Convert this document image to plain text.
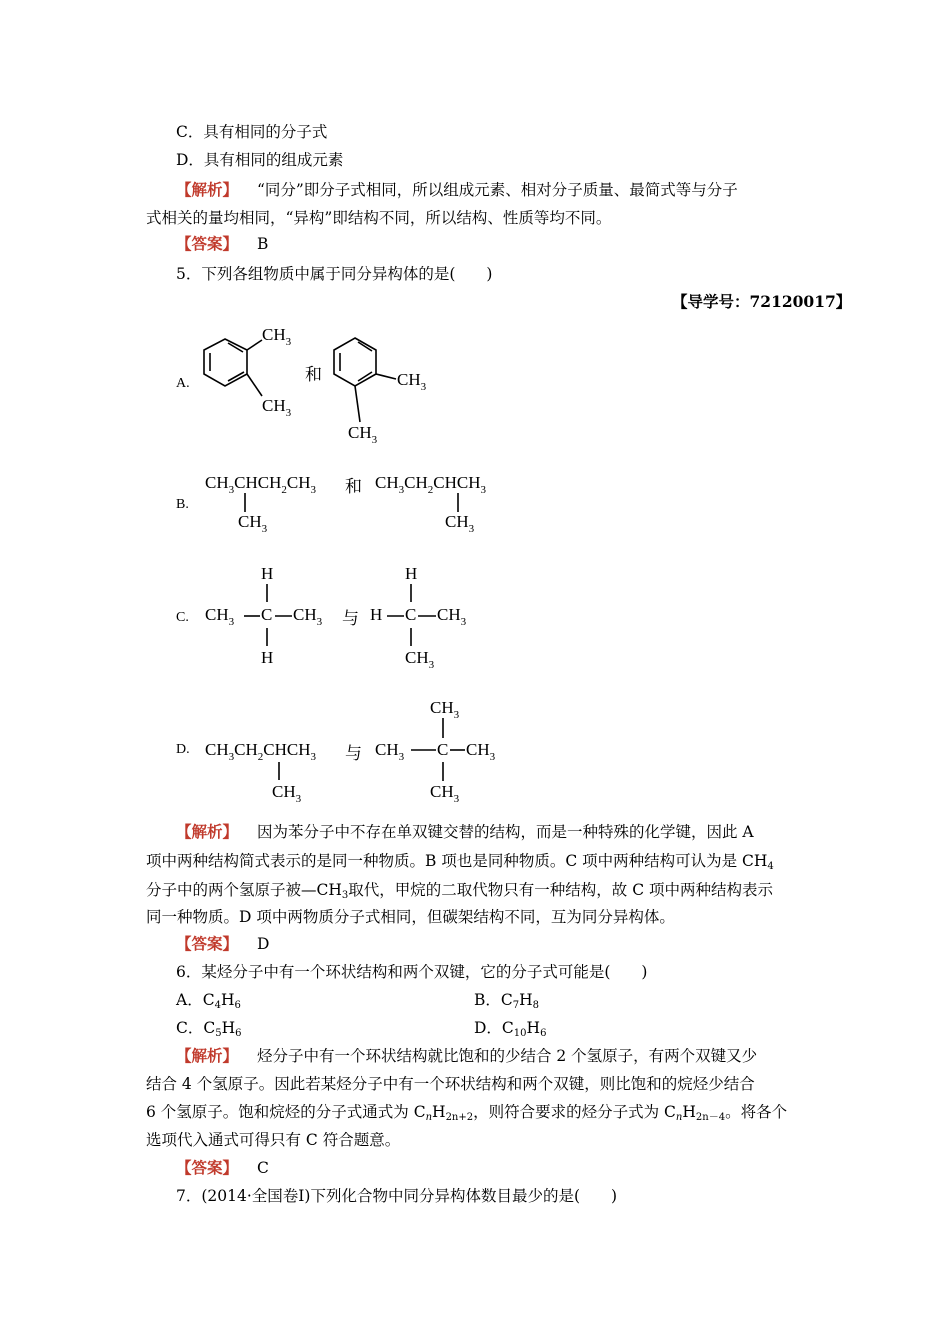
C．具有相同的分子式
D．具有相同的组成元素
【解析】 “同分”即分子式相同，所以组成元素、相对分子质量、最简式等与分子
式相关的量均相同，“异构”即结构不同，所以结构、性质等均不同。
【答案】 B
5．下列各组物质中属于同分异构体的是(　　)
【导学号：72120017】
A.
$CH_3$
$CH_3$
和	$CH_3$
$CH_3$
B.
$CH_3CHCH_2CH_3$
$CH_3$
和 $CH_3CH_2CHCH_3$
$CH_3$
C.
H
$CH_3$ C $CH_3$
H
与
H
H C $CH_3$
$CH_3$
D. $CH_3CH_2CHCH_3$
$CH_3$
与
$CH_3$
$CH_3$ C $CH_3$
$CH_3$
【解析】 因为苯分子中不存在单双键交替的结构，而是一种特殊的化学键，因此 A
项中两种结构简式表示的是同一种物质。B 项也是同种物质。C 项中两种结构可认为是 $CH_4$
分子中的两个氢原子被$—CH_3$取代，甲烷的二取代物只有一种结构，故 C 项中两种结构表示
同一种物质。D 项中两物质分子式相同，但碳架结构不同，互为同分异构体。
【答案】 D
6．某烃分子中有一个环状结构和两个双键，它的分子式可能是(　　)
A．$C_4H_6$	B．$C_7H_8$
C．$C_5H_6$	D．$C_{10}H_6$
【解析】 烃分子中有一个环状结构就比饱和的少结合 2 个氢原子，有两个双键又少
结合 4 个氢原子。因此若某烃分子中有一个环状结构和两个双键，则比饱和的烷烃少结合
6 个氢原子。饱和烷烃的分子式通式为 $C_nH_{2n+2}$，则符合要求的烃分子式为 $C_nH_{2n-4}$。将各个
选项代入通式可得只有 C 符合题意。
【答案】 C
7．(2014·全国卷Ⅰ)下列化合物中同分异构体数目最少的是(　　)
